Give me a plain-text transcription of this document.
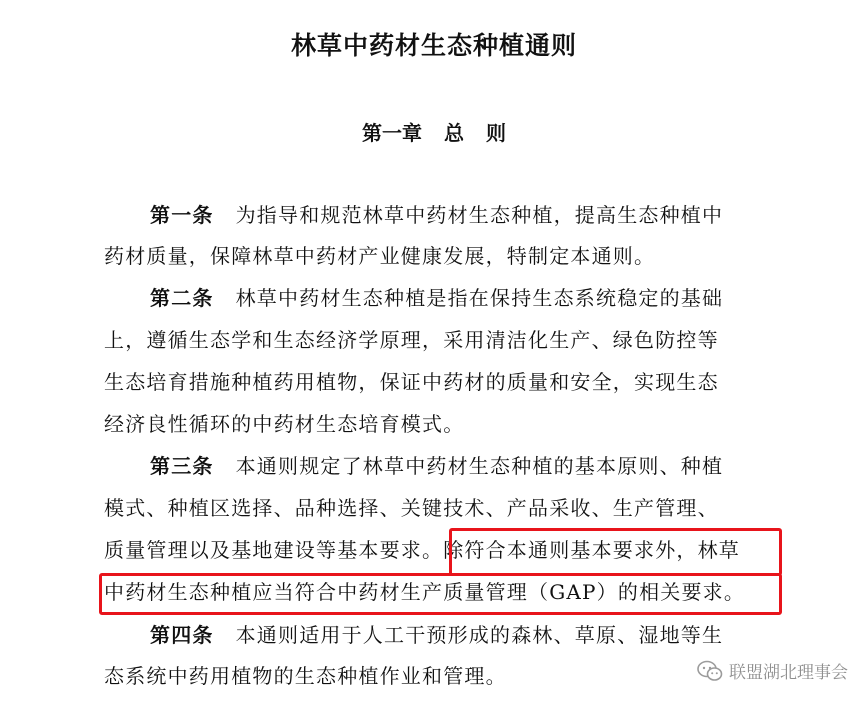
林草中药材生态种植通则
第一章 总 则
第一条 为指导和规范林草中药材生态种植，提高生态种植中
药材质量，保障林草中药材产业健康发展，特制定本通则。
第二条 林草中药材生态种植是指在保持生态系统稳定的基础
上，遵循生态学和生态经济学原理，采用清洁化生产、绿色防控等
生态培育措施种植药用植物，保证中药材的质量和安全，实现生态
经济良性循环的中药材生态培育模式。
第三条 本通则规定了林草中药材生态种植的基本原则、种植
模式、种植区选择、品种选择、关键技术、产品采收、生产管理、
质量管理以及基地建设等基本要求。除符合本通则基本要求外，林草
中药材生态种植应当符合中药材生产质量管理（GAP）的相关要求。
第四条 本通则适用于人工干预形成的森林、草原、湿地等生
态系统中药用植物的生态种植作业和管理。	联盟湖北理事会
